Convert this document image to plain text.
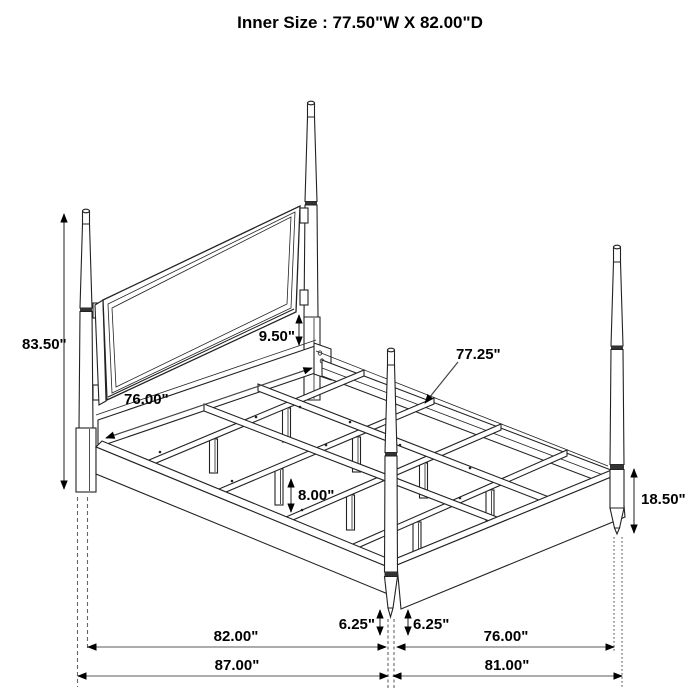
Inner Size : 77.50"W X 82.00"D
83.50"
76.00"
9.50"
77.25"
8.00"	18.50"
6.25"	6.25"
82.00"	76.00"
87.00"	81.00"
